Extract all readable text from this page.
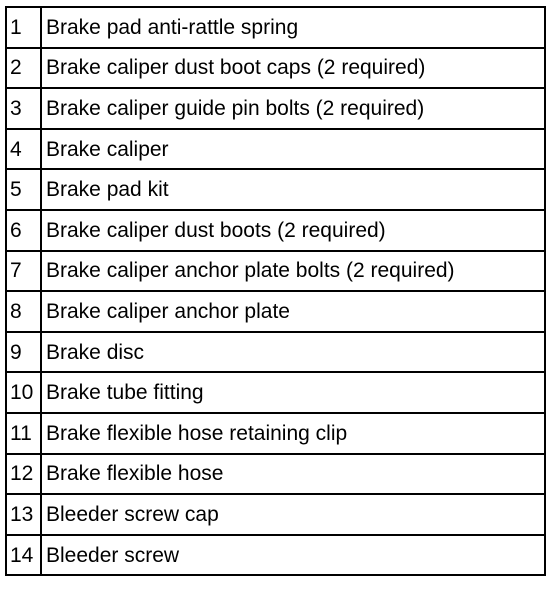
1	Brake pad anti-rattle spring
2	Brake caliper dust boot caps (2 required)
3	Brake caliper guide pin bolts (2 required)
4	Brake caliper
5	Brake pad kit
6	Brake caliper dust boots (2 required)
7	Brake caliper anchor plate bolts (2 required)
8	Brake caliper anchor plate
9	Brake disc
10	Brake tube fitting
11	Brake flexible hose retaining clip
12	Brake flexible hose
13	Bleeder screw cap
14	Bleeder screw
